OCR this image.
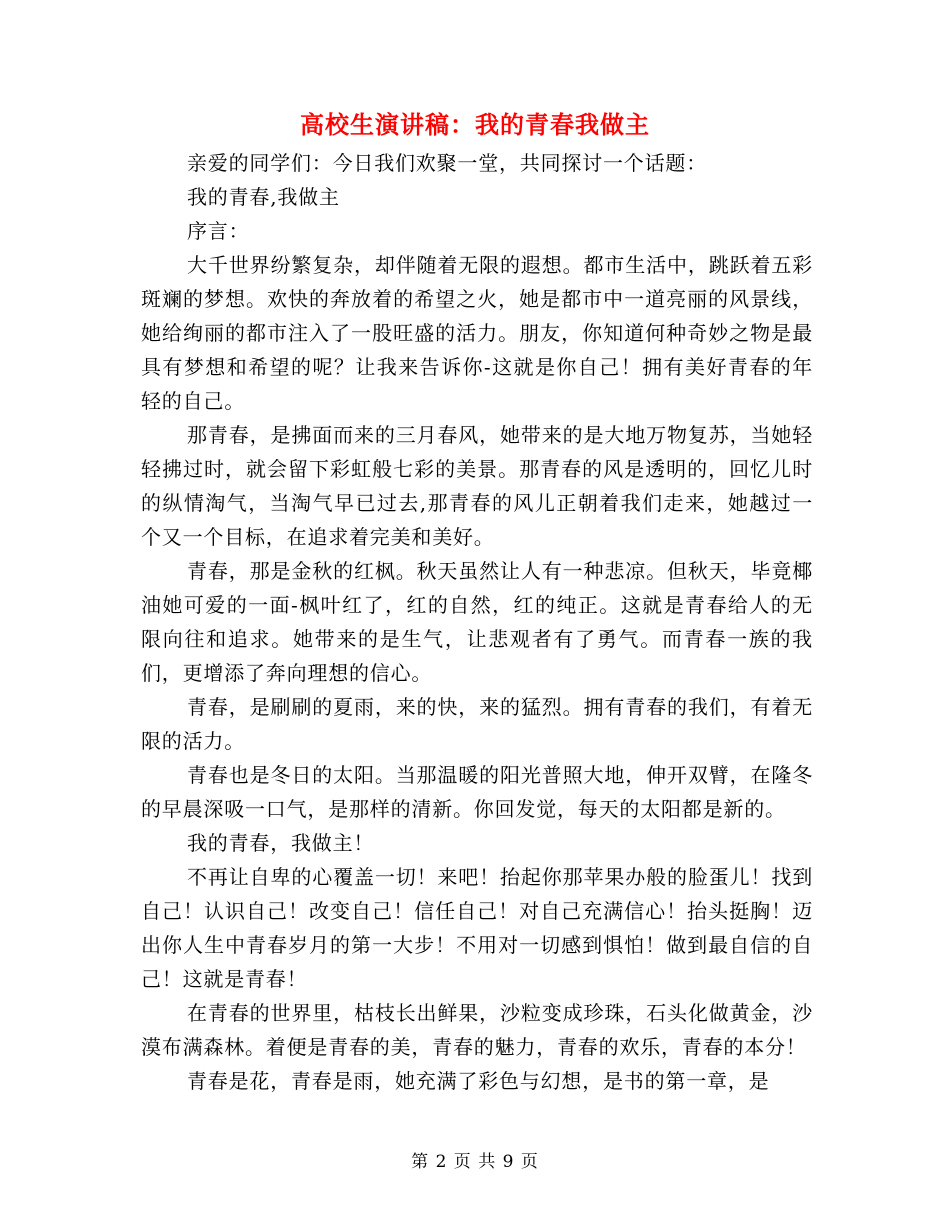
高校生演讲稿：我的青春我做主

亲爱的同学们：今日我们欢聚一堂，共同探讨一个话题：

我的青春,我做主

序言：

大千世界纷繁复杂，却伴随着无限的遐想。都市生活中，跳跃着五彩斑斓的梦想。欢快的奔放着的希望之火，她是都市中一道亮丽的风景线，她给绚丽的都市注入了一股旺盛的活力。朋友，你知道何种奇妙之物是最具有梦想和希望的呢？让我来告诉你-这就是你自己！拥有美好青春的年轻的自己。

那青春，是拂面而来的三月春风，她带来的是大地万物复苏，当她轻轻拂过时，就会留下彩虹般七彩的美景。那青春的风是透明的，回忆儿时的纵情淘气，当淘气早已过去,那青春的风儿正朝着我们走来，她越过一个又一个目标，在追求着完美和美好。

青春，那是金秋的红枫。秋天虽然让人有一种悲凉。但秋天，毕竟椰油她可爱的一面-枫叶红了，红的自然，红的纯正。这就是青春给人的无限向往和追求。她带来的是生气，让悲观者有了勇气。而青春一族的我们，更增添了奔向理想的信心。

青春，是刷刷的夏雨，来的快，来的猛烈。拥有青春的我们，有着无限的活力。

青春也是冬日的太阳。当那温暖的阳光普照大地，伸开双臂，在隆冬的早晨深吸一口气，是那样的清新。你回发觉，每天的太阳都是新的。

我的青春，我做主！

不再让自卑的心覆盖一切！来吧！抬起你那苹果办般的脸蛋儿！找到自己！认识自己！改变自己！信任自己！对自己充满信心！抬头挺胸！迈出你人生中青春岁月的第一大步！不用对一切感到惧怕！做到最自信的自己！这就是青春！

在青春的世界里，枯枝长出鲜果，沙粒变成珍珠，石头化做黄金，沙漠布满森林。着便是青春的美，青春的魅力，青春的欢乐，青春的本分！

青春是花，青春是雨，她充满了彩色与幻想，是书的第一章，是

第 2 页 共 9 页
